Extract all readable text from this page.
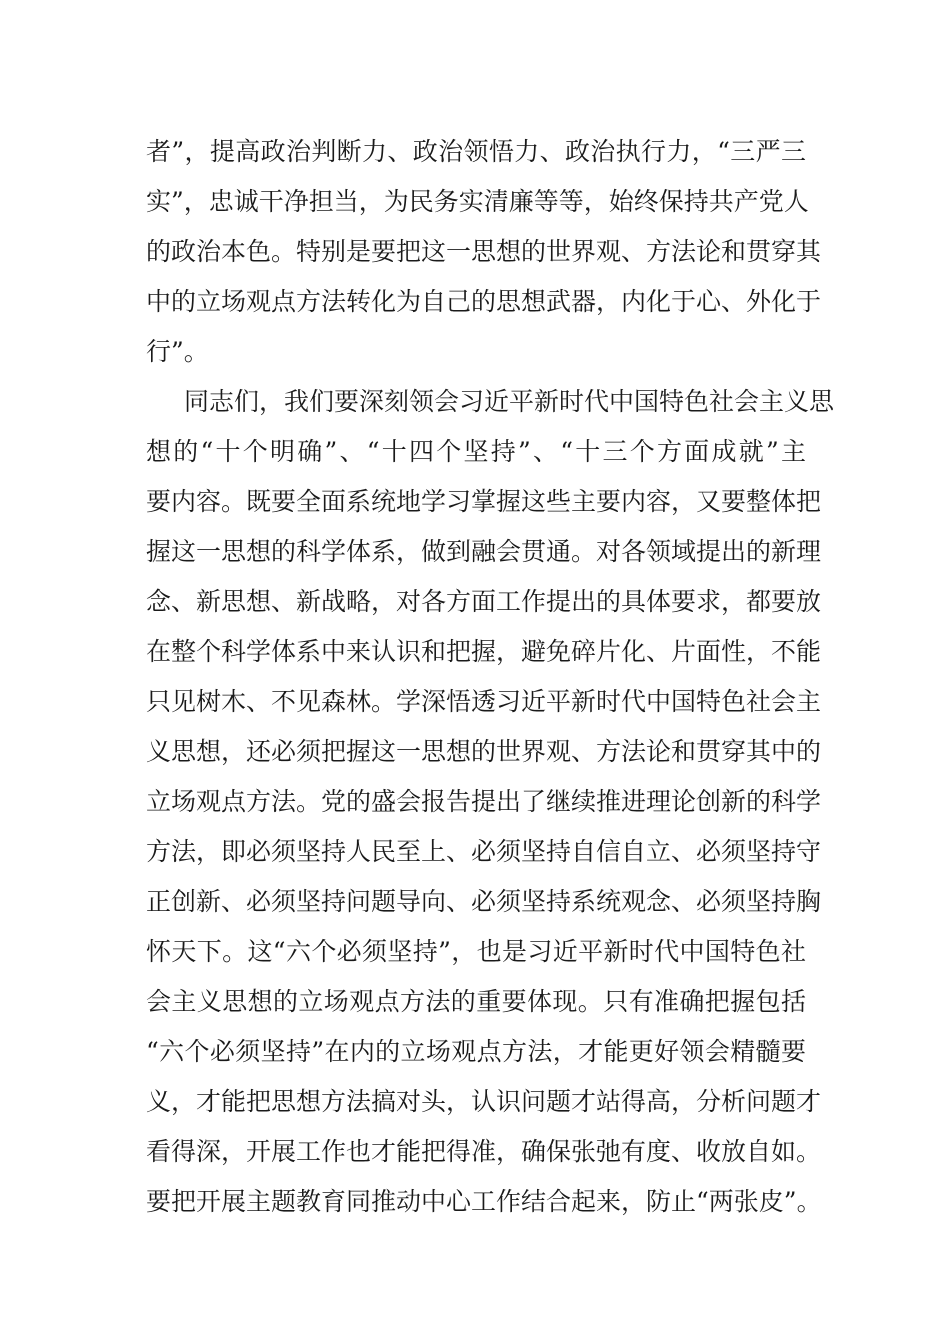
者”，提高政治判断力、政治领悟力、政治执行力，“三严三
实”，忠诚干净担当，为民务实清廉等等，始终保持共产党人
的政治本色。特别是要把这一思想的世界观、方法论和贯穿其
中的立场观点方法转化为自己的思想武器，内化于心、外化于
行”。
同志们，我们要深刻领会习近平新时代中国特色社会主义思
想的“十个明确”、“十四个坚持”、“十三个方面成就”主
要内容。既要全面系统地学习掌握这些主要内容，又要整体把
握这一思想的科学体系，做到融会贯通。对各领域提出的新理
念、新思想、新战略，对各方面工作提出的具体要求，都要放
在整个科学体系中来认识和把握，避免碎片化、片面性，不能
只见树木、不见森林。学深悟透习近平新时代中国特色社会主
义思想，还必须把握这一思想的世界观、方法论和贯穿其中的
立场观点方法。党的盛会报告提出了继续推进理论创新的科学
方法，即必须坚持人民至上、必须坚持自信自立、必须坚持守
正创新、必须坚持问题导向、必须坚持系统观念、必须坚持胸
怀天下。这“六个必须坚持”，也是习近平新时代中国特色社
会主义思想的立场观点方法的重要体现。只有准确把握包括
“六个必须坚持”在内的立场观点方法，才能更好领会精髓要
义，才能把思想方法搞对头，认识问题才站得高，分析问题才
看得深，开展工作也才能把得准，确保张弛有度、收放自如。
要把开展主题教育同推动中心工作结合起来，防止“两张皮”。
